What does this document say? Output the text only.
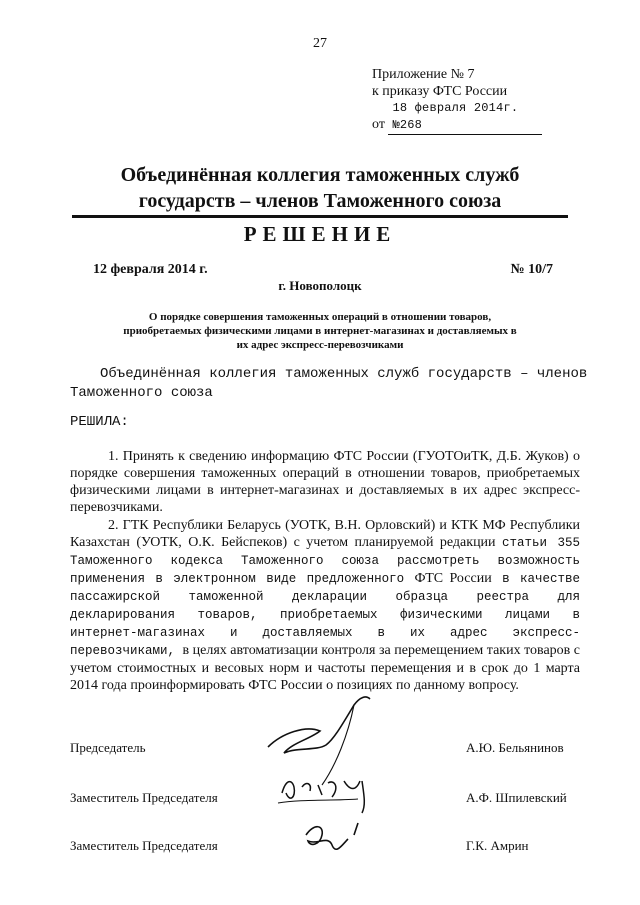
27
Приложение № 7
к приказу ФТС России
от 18 февраля 2014г.№268
Объединённая коллегия таможенных служб
государств – членов Таможенного союза
РЕШЕНИЕ
12 февраля 2014 г.	№ 10/7
г. Новополоцк
О порядке совершения таможенных операций в отношении товаров, приобретаемых физическими лицами в интернет-магазинах и доставляемых в их адрес экспресс-перевозчиками
Объединённая коллегия таможенных служб государств – членов
Таможенного союза
РЕШИЛА:
1. Принять к сведению информацию ФТС России (ГУОТОиТК, Д.Б. Жуков) о порядке совершения таможенных операций в отношении товаров, приобретаемых физическими лицами в интернет-магазинах и доставляемых в их адрес экспресс-перевозчиками.
2. ГТК Республики Беларусь (УОТК, В.Н. Орловский) и КТК МФ Республики Казахстан (УОТК, О.К. Бейспеков) с учетом планируемой редакции статьи 355 Таможенного кодекса Таможенного союза рассмотреть возможность применения в электронном виде предложенного ФТС России в качестве пассажирской таможенной декларации образца реестра для декларирования товаров, приобретаемых физическими лицами в интернет-магазинах и доставляемых в их адрес экспресс-перевозчиками, в целях автоматизации контроля за перемещением таких товаров с учетом стоимостных и весовых норм и частоты перемещения и в срок до 1 марта 2014 года проинформировать ФТС России о позициях по данному вопросу.
Председатель	А.Ю. Бельянинов
Заместитель Председателя	А.Ф. Шпилевский
Заместитель Председателя	Г.К. Амрин
